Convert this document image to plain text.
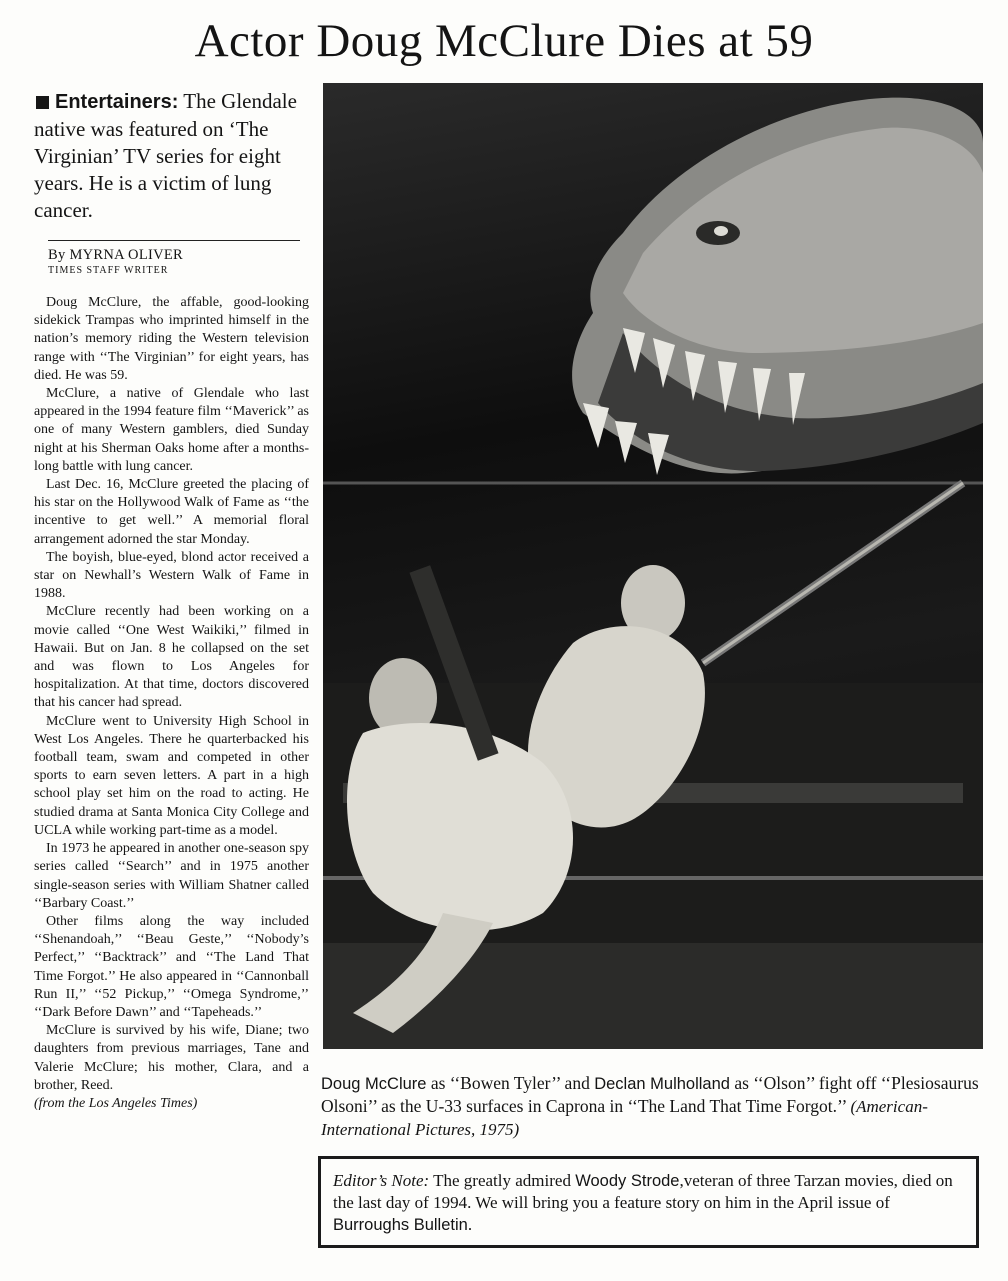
Actor Doug McClure Dies at 59

Entertainers: The Glendale native was featured on ‘The Virginian’ TV series for eight years. He is a victim of lung cancer.

By MYRNA OLIVER
TIMES STAFF WRITER

Doug McClure, the affable, good-looking sidekick Trampas who imprinted himself in the nation’s memory riding the Western television range with ‘‘The Virginian’’ for eight years, has died. He was 59.

McClure, a native of Glendale who last appeared in the 1994 feature film ‘‘Maverick’’ as one of many Western gamblers, died Sunday night at his Sherman Oaks home after a months-long battle with lung cancer.

Last Dec. 16, McClure greeted the placing of his star on the Hollywood Walk of Fame as ‘‘the incentive to get well.’’ A memorial floral arrangement adorned the star Monday.

The boyish, blue-eyed, blond actor received a star on Newhall’s Western Walk of Fame in 1988.

McClure recently had been working on a movie called ‘‘One West Waikiki,’’ filmed in Hawaii. But on Jan. 8 he collapsed on the set and was flown to Los Angeles for hospitalization. At that time, doctors discovered that his cancer had spread.

McClure went to University High School in West Los Angeles. There he quarterbacked his football team, swam and competed in other sports to earn seven letters. A part in a high school play set him on the road to acting. He studied drama at Santa Monica City College and UCLA while working part-time as a model.

In 1973 he appeared in another one-season spy series called ‘‘Search’’ and in 1975 another single-season series with William Shatner called ‘‘Barbary Coast.’’

Other films along the way included ‘‘Shenandoah,’’ ‘‘Beau Geste,’’ ‘‘Nobody’s Perfect,’’ ‘‘Backtrack’’ and ‘‘The Land That Time Forgot.’’ He also appeared in ‘‘Cannonball Run II,’’ ‘‘52 Pickup,’’ ‘‘Omega Syndrome,’’ ‘‘Dark Before Dawn’’ and ‘‘Tapeheads.’’

McClure is survived by his wife, Diane; two daughters from previous marriages, Tane and Valerie McClure; his mother, Clara, and a brother, Reed.

(from the Los Angeles Times)
Doug McClure as ‘‘Bowen Tyler’’ and Declan Mulholland as ‘‘Olson’’ fight off ‘‘Plesiosaurus Olsoni’’ as the U-33 surfaces in Caprona in ‘‘The Land That Time Forgot.’’ (American-International Pictures, 1975)
Editor’s Note: The greatly admired Woody Strode,veteran of three Tarzan movies, died on the last day of 1994. We will bring you a feature story on him in the April issue of Burroughs Bulletin.
